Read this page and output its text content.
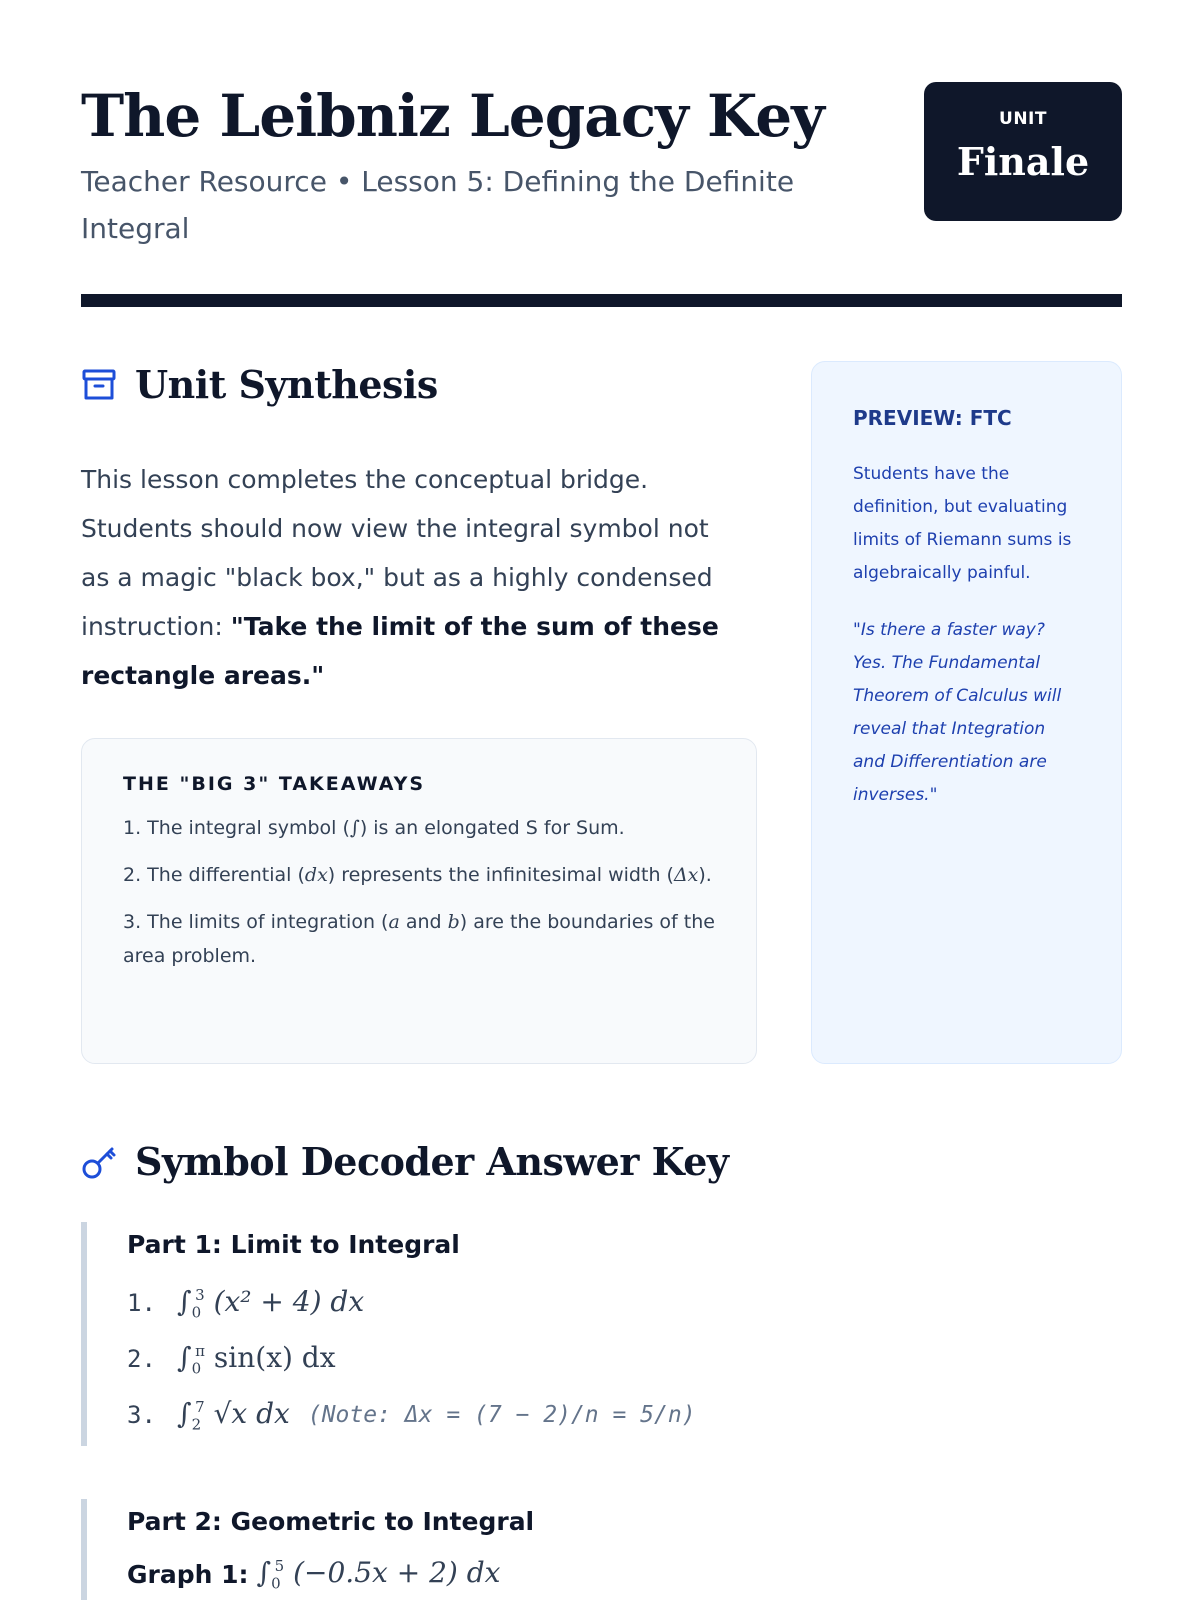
The Leibniz Legacy Key
Teacher Resource • Lesson 5: Defining the Definite Integral
UNIT
Finale
Unit Synthesis

This lesson completes the conceptual bridge. Students should now view the integral symbol not as a magic "black box," but as a highly condensed instruction: "Take the limit of the sum of these rectangle areas."

THE "BIG 3" TAKEAWAYS
1. The integral symbol (∫) is an elongated S for Sum.
2. The differential (dx) represents the infinitesimal width (Δx).
3. The limits of integration (a and b) are the boundaries of the area problem.
PREVIEW: FTC

Students have the definition, but evaluating limits of Riemann sums is algebraically painful.

"Is there a faster way? Yes. The Fundamental Theorem of Calculus will reveal that Integration and Differentiation are inverses."

Symbol Decoder Answer Key
Part 1: Limit to Integral
1. $\int_0^3$ (x² + 4) dx
2. $\int_0^\pi$ sin(x) dx
3. $\int_2^7$ √x dx (Note: Δx = (7 − 2)/n = 5/n)
Part 2: Geometric to Integral
Graph 1: $\int_0^5$ (−0.5x + 2) dx
